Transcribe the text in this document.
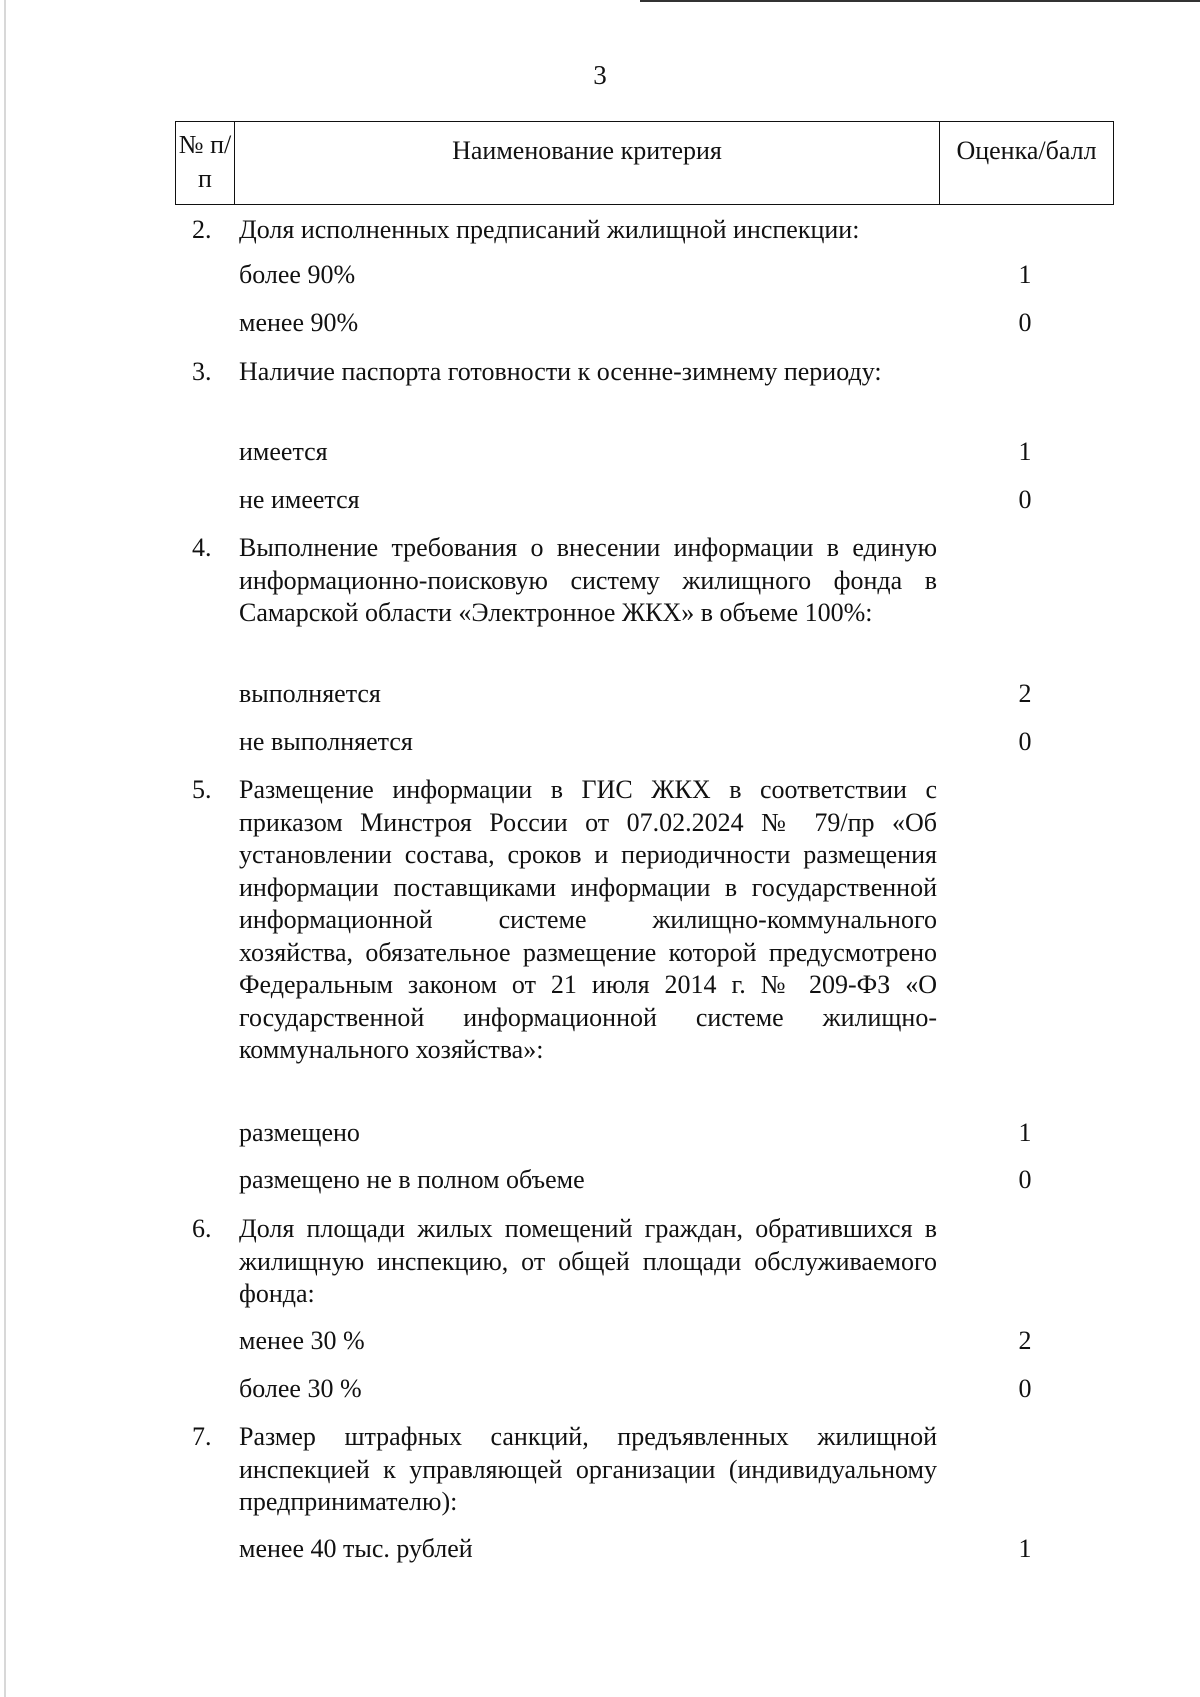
3
№ п/п	Наименование критерия	Оценка/балл
2.	Доля исполненных предписаний жилищной инспекции:
более 90%	1
менее 90%	0
3.	Наличие паспорта готовности к осенне-зимнему периоду:
имеется	1
не имеется	0
4.	Выполнение требования о внесении информации в единую информационно-поисковую систему жилищного фонда в Самарской области «Электронное ЖКХ» в объеме 100%:
выполняется	2
не выполняется	0
5.	Размещение информации в ГИС ЖКХ в соответствии с приказом Минстроя России от 07.02.2024 № 79/пр «Об установлении состава, сроков и периодичности размещения информации поставщиками информации в государственной информационной системе жилищно-коммунального хозяйства, обязательное размещение которой предусмотрено Федеральным законом от 21 июля 2014 г. № 209-ФЗ «О государственной информационной системе жилищно-коммунального хозяйства»:
размещено	1
размещено не в полном объеме	0
6.	Доля площади жилых помещений граждан, обратившихся в жилищную инспекцию, от общей площади обслуживаемого фонда:
менее 30 %	2
более 30 %	0
7.	Размер штрафных санкций, предъявленных жилищной инспекцией к управляющей организации (индивидуальному предпринимателю):
менее 40 тыс. рублей	1
